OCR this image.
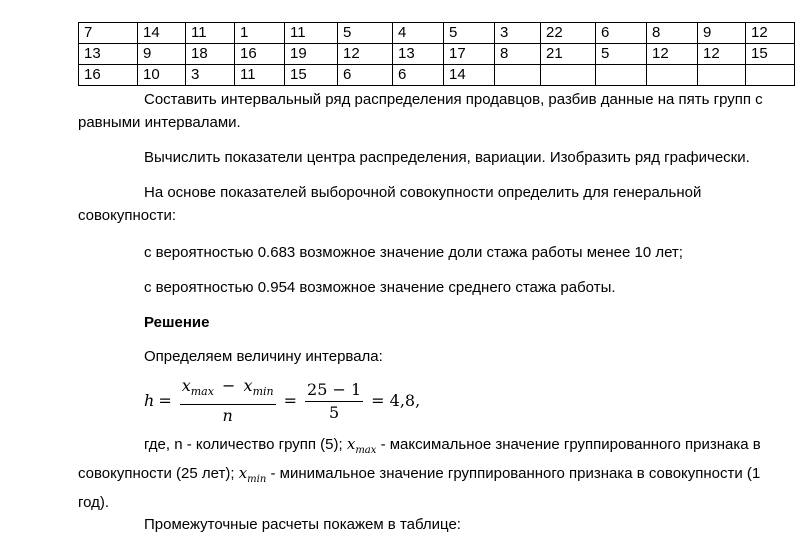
7	14	11	1	11	5	4	5	3	22	6	8	9	12
13	9	18	16	19	12	13	17	8	21	5	12	12	15
16	10	3	11	15	6	6	14						

Составить интервальный ряд распределения продавцов, разбив данные на пять групп с равными интервалами.

Вычислить показатели центра распределения, вариации. Изобразить ряд графически.

На основе показателей выборочной совокупности определить для генеральной совокупности:

с вероятностью 0.683 возможное значение доли стажа работы менее 10 лет;

с вероятностью 0.954 возможное значение среднего стажа работы.

Решение

Определяем величину интервала:

$h = \frac{x_{max} - x_{min}}{n} = \frac{25 - 1}{5} = 4,8$,

где, n - количество групп (5); $x_{max}$ - максимальное значение группированного признака в совокупности (25 лет); $x_{min}$ - минимальное значение группированного признака в совокупности (1 год).

Промежуточные расчеты покажем в таблице:
